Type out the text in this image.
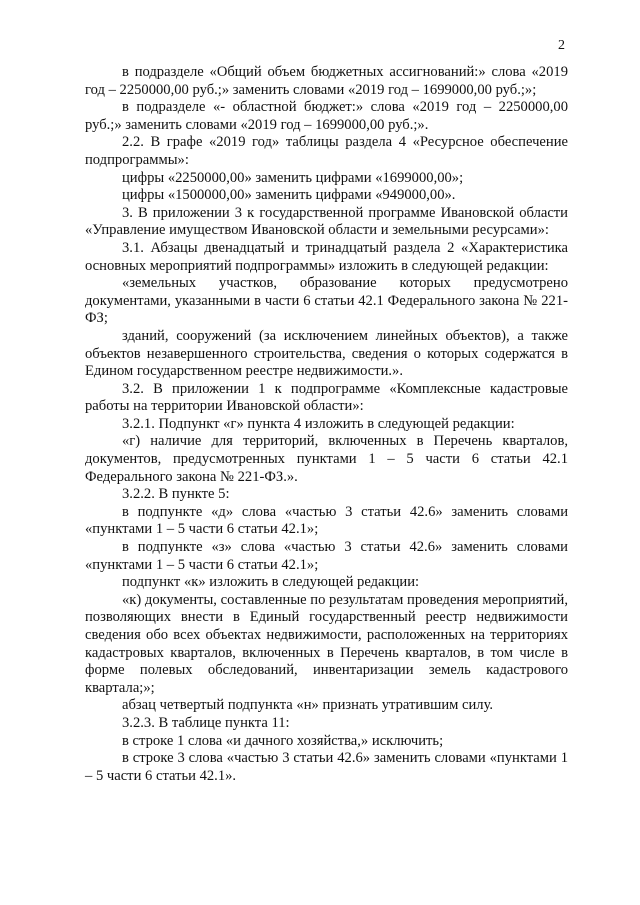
2

в подразделе «Общий объем бюджетных ассигнований:» слова «2019 год – 2250000,00 руб.;» заменить словами «2019 год – 1699000,00 руб.;»;

в подразделе «- областной бюджет:» слова «2019 год – 2250000,00 руб.;» заменить словами «2019 год – 1699000,00 руб.;».

2.2. В графе «2019 год» таблицы раздела 4 «Ресурсное обеспечение подпрограммы»:

цифры «2250000,00» заменить цифрами «1699000,00»;

цифры «1500000,00» заменить цифрами «949000,00».

3. В приложении 3 к государственной программе Ивановской области «Управление имуществом Ивановской области и земельными ресурсами»:

3.1. Абзацы двенадцатый и тринадцатый раздела 2 «Характеристика основных мероприятий подпрограммы» изложить в следующей редакции:

«земельных участков, образование которых предусмотрено документами, указанными в части 6 статьи 42.1 Федерального закона № 221-ФЗ;

зданий, сооружений (за исключением линейных объектов), а также объектов незавершенного строительства, сведения о которых содержатся в Едином государственном реестре недвижимости.».

3.2. В приложении 1 к подпрограмме «Комплексные кадастровые работы на территории Ивановской области»:

3.2.1. Подпункт «г» пункта 4 изложить в следующей редакции:

«г) наличие для территорий, включенных в Перечень кварталов, документов, предусмотренных пунктами 1 – 5 части 6 статьи 42.1 Федерального закона № 221-ФЗ.».

3.2.2. В пункте 5:

в подпункте «д» слова «частью 3 статьи 42.6» заменить словами «пунктами 1 – 5 части 6 статьи 42.1»;

в подпункте «з» слова «частью 3 статьи 42.6» заменить словами «пунктами 1 – 5 части 6 статьи 42.1»;

подпункт «к» изложить в следующей редакции:

«к) документы, составленные по результатам проведения мероприятий, позволяющих внести в Единый государственный реестр недвижимости сведения обо всех объектах недвижимости, расположенных на территориях кадастровых кварталов, включенных в Перечень кварталов, в том числе в форме полевых обследований, инвентаризации земель кадастрового квартала;»;

абзац четвертый подпункта «н» признать утратившим силу.

3.2.3. В таблице пункта 11:

в строке 1 слова «и дачного хозяйства,» исключить;

в строке 3 слова «частью 3 статьи 42.6» заменить словами «пунктами 1 – 5 части 6 статьи 42.1».
